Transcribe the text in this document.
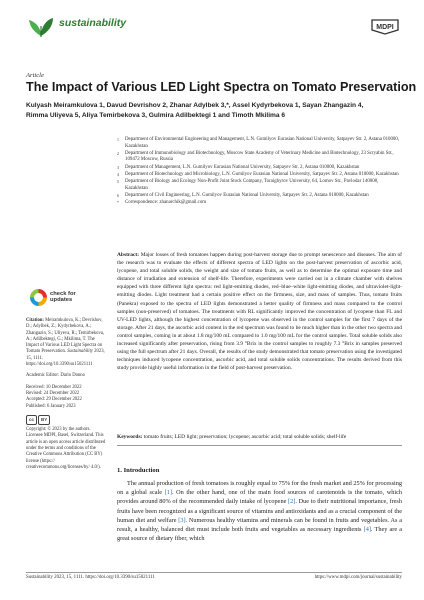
sustainability	MDPI
Article
The Impact of Various LED Light Spectra on Tomato Preservation
Kulyash Meiramkulova 1, Davud Devrishov 2, Zhanar Adylbek 3,*, Assel Kydyrbekova 1, Sayan Zhangazin 4,
Rimma Uliyeva 5, Aliya Temirbekova 3, Gulmira Adilbektegi 1 and Timoth Mkilima 6
1 Department of Environmental Engineering and Management, L.N. Gumilyov Eurasian National University, Satpayev Str. 2, Astana 010000, Kazakhstan
2 Department of Immunobiology and Biotechnology, Moscow State Academy of Veterinary Medicine and Biotechnology, 23 Scryabin Str., 109472 Moscow, Russia
3 Department of Management, L.N. Gumilyov Eurasian National University, Satpayev Str. 2, Astana 010000, Kazakhstan
4 Department of Biotechnology and Microbiology, L.N. Gumilyov Eurasian National University, Satpayev Str. 2, Astana 010000, Kazakhstan
5 Department of Biology and Ecology Non-Profit Joint Stock Company, Toraighyrov University, 64, Lomov Str., Pavlodar 140008, Kazakhstan
6 Department of Civil Engineering, L.N. Gumilyov Eurasian National University, Satpayev Str. 2, Astana 010000, Kazakhstan
* Correspondence: zhanarchik@gmail.com
Abstract: Major losses of fresh tomatoes happen during post-harvest storage due to prompt senescence and diseases. The aim of the research was to evaluate the effects of different spectra of LED lights on the post-harvest preservation of ascorbic acid, lycopene, and total soluble solids, the weight and size of tomato fruits, as well as to determine the optimal exposure time and distance of irradiation and extension of shelf-life. Therefore, experiments were carried out in a climate chamber with shelves equipped with three different light spectra: red light-emitting diodes, red–blue–white light-emitting diodes, and ultraviolet-light-emitting diodes. Light treatment had a certain positive effect on the firmness, size, and mass of samples. Thus, tomato fruits (Panekra) exposed to the spectra of LED lights demonstrated a better quality of firmness and mass compared to the control samples (non-preserved) of tomatoes. The treatments with RL significantly improved the concentration of lycopene than FL and UV-LED lights, although the highest concentration of lycopene was observed in the control samples for the first 7 days of the storage. After 21 days, the ascorbic acid content in the red spectrum was found to be much higher than in the other two spectra and control samples, coming in at about 1.8 mg/100 mL compared to 1.0 mg/100 mL for the control samples. Total soluble solids also increased significantly after preservation, rising from 3.9 °Brix in the control samples to roughly 7.3 °Brix in samples preserved using the full spectrum after 21 days. Overall, the results of the study demonstrated that tomato preservation using the investigated techniques induced lycopene concentration, ascorbic acid, and total soluble solids concentrations. The results derived from this study provide highly useful information in the field of post-harvest preservation.
Keywords: tomato fruits; LED light; preservation; lycopene; ascorbic acid; total soluble solids; shelf-life
check for
updates
Citation: Meiramkulova, K.; Devrishov, D.; Adylbek, Z.; Kydyrbekova, A.; Zhangazin, S.; Uliyeva, R.; Temirbekova, A.; Adilbektegi, G.; Mkilima, T. The Impact of Various LED Light Spectra on Tomato Preservation. Sustainability 2023, 15, 1111. https://doi.org/10.3390/su15021111
Academic Editor: Dario Donno
Received: 10 December 2022
Revised: 24 December 2022
Accepted: 29 December 2022
Published: 6 January 2023
cc	BY
Copyright: © 2023 by the authors. Licensee MDPI, Basel, Switzerland. This article is an open access article distributed under the terms and conditions of the Creative Commons Attribution (CC BY) license (https:// creativecommons.org/licenses/by/ 4.0/).	1. Introduction
The annual production of fresh tomatoes is roughly equal to 75% for the fresh market and 25% for processing on a global scale [1]. On the other hand, one of the main food sources of carotenoids is the tomato, which provides around 80% of the recommended daily intake of lycopene [2]. Due to their nutritional importance, fresh fruits have been recognized as a significant source of vitamins and antioxidants and as a crucial component of the human diet and welfare [3]. Numerous healthy vitamins and minerals can be found in fruits and vegetables. As a result, a healthy, balanced diet must include both fruits and vegetables as necessary ingredients [4]. They are a great source of dietary fiber, which
Sustainability 2023, 15, 1111. https://doi.org/10.3390/su15021111	https://www.mdpi.com/journal/sustainability
